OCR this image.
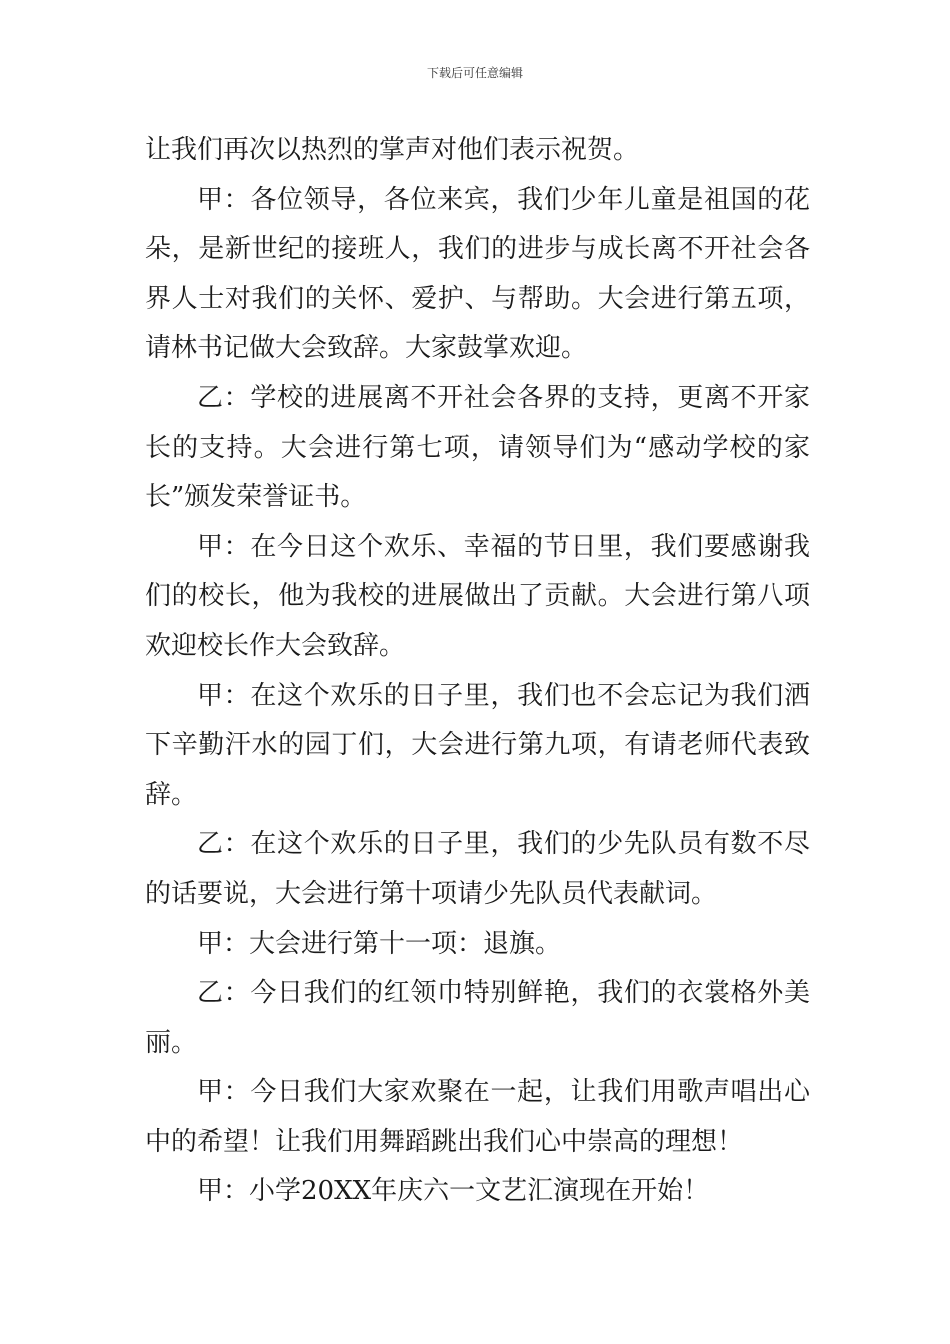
下载后可任意编辑

让我们再次以热烈的掌声对他们表示祝贺。

甲：各位领导，各位来宾，我们少年儿童是祖国的花朵，是新世纪的接班人，我们的进步与成长离不开社会各界人士对我们的关怀、爱护、与帮助。大会进行第五项，请林书记做大会致辞。大家鼓掌欢迎。

乙：学校的进展离不开社会各界的支持，更离不开家长的支持。大会进行第七项，请领导们为“感动学校的家长”颁发荣誉证书。

甲：在今日这个欢乐、幸福的节日里，我们要感谢我们的校长，他为我校的进展做出了贡献。大会进行第八项欢迎校长作大会致辞。

甲：在这个欢乐的日子里，我们也不会忘记为我们洒下辛勤汗水的园丁们，大会进行第九项，有请老师代表致辞。

乙：在这个欢乐的日子里，我们的少先队员有数不尽的话要说，大会进行第十项请少先队员代表献词。

甲：大会进行第十一项：退旗。

乙：今日我们的红领巾特别鲜艳，我们的衣裳格外美丽。

甲：今日我们大家欢聚在一起，让我们用歌声唱出心中的希望！让我们用舞蹈跳出我们心中崇高的理想！

甲：小学20XX年庆六一文艺汇演现在开始！
